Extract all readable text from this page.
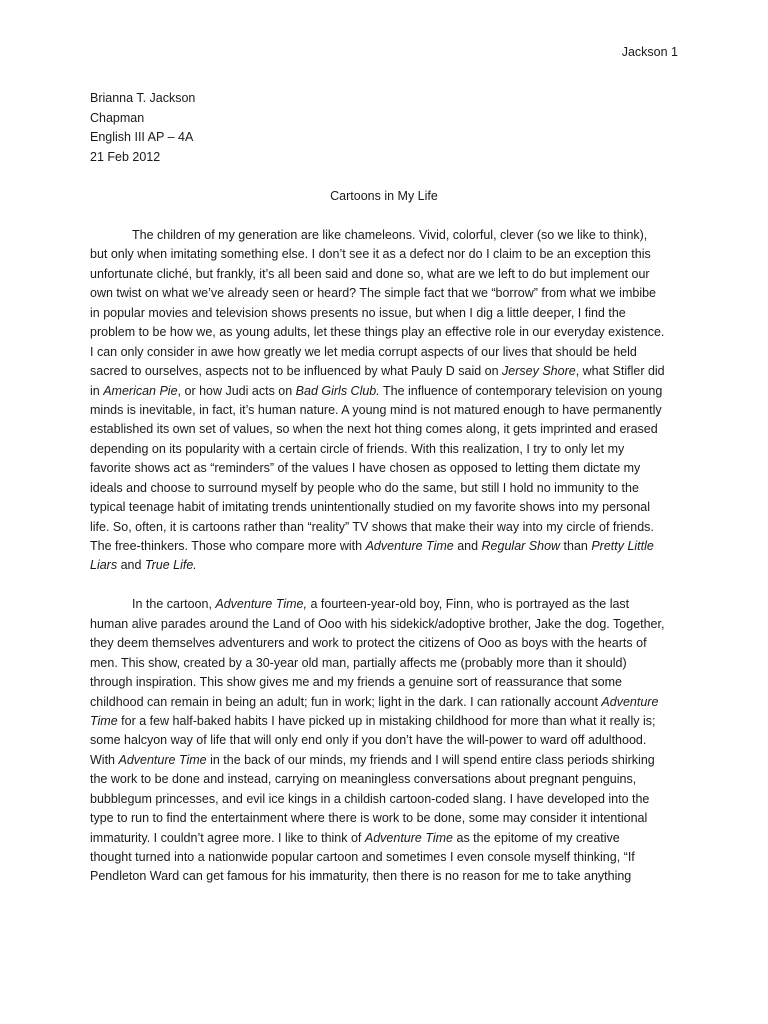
Jackson 1
Brianna T. Jackson
Chapman
English III AP – 4A
21 Feb 2012
Cartoons in My Life
The children of my generation are like chameleons. Vivid, colorful, clever (so we like to think),
but only when imitating something else. I don’t see it as a defect nor do I claim to be an exception this
unfortunate cliché, but frankly, it’s all been said and done so, what are we left to do but implement our
own twist on what we’ve already seen or heard? The simple fact that we “borrow” from what we imbibe
in popular movies and television shows presents no issue, but when I dig a little deeper, I find the
problem to be how we, as young adults, let these things play an effective role in our everyday existence.
I can only consider in awe how greatly we let media corrupt aspects of our lives that should be held
sacred to ourselves, aspects not to be influenced by what Pauly D said on Jersey Shore, what Stifler did
in American Pie, or how Judi acts on Bad Girls Club. The influence of contemporary television on young
minds is inevitable, in fact, it’s human nature. A young mind is not matured enough to have permanently
established its own set of values, so when the next hot thing comes along, it gets imprinted and erased
depending on its popularity with a certain circle of friends. With this realization, I try to only let my
favorite shows act as “reminders” of the values I have chosen as opposed to letting them dictate my
ideals and choose to surround myself by people who do the same, but still I hold no immunity to the
typical teenage habit of imitating trends unintentionally studied on my favorite shows into my personal
life. So, often, it is cartoons rather than “reality” TV shows that make their way into my circle of friends.
The free-thinkers. Those who compare more with Adventure Time and Regular Show than Pretty Little
Liars and True Life.
In the cartoon, Adventure Time, a fourteen-year-old boy, Finn, who is portrayed as the last
human alive parades around the Land of Ooo with his sidekick/adoptive brother, Jake the dog. Together,
they deem themselves adventurers and work to protect the citizens of Ooo as boys with the hearts of
men. This show, created by a 30-year old man, partially affects me (probably more than it should)
through inspiration. This show gives me and my friends a genuine sort of reassurance that some
childhood can remain in being an adult; fun in work; light in the dark. I can rationally account Adventure
Time for a few half-baked habits I have picked up in mistaking childhood for more than what it really is;
some halcyon way of life that will only end only if you don’t have the will-power to ward off adulthood.
With Adventure Time in the back of our minds, my friends and I will spend entire class periods shirking
the work to be done and instead, carrying on meaningless conversations about pregnant penguins,
bubblegum princesses, and evil ice kings in a childish cartoon-coded slang. I have developed into the
type to run to find the entertainment where there is work to be done, some may consider it intentional
immaturity. I couldn’t agree more. I like to think of Adventure Time as the epitome of my creative
thought turned into a nationwide popular cartoon and sometimes I even console myself thinking, “If
Pendleton Ward can get famous for his immaturity, then there is no reason for me to take anything
